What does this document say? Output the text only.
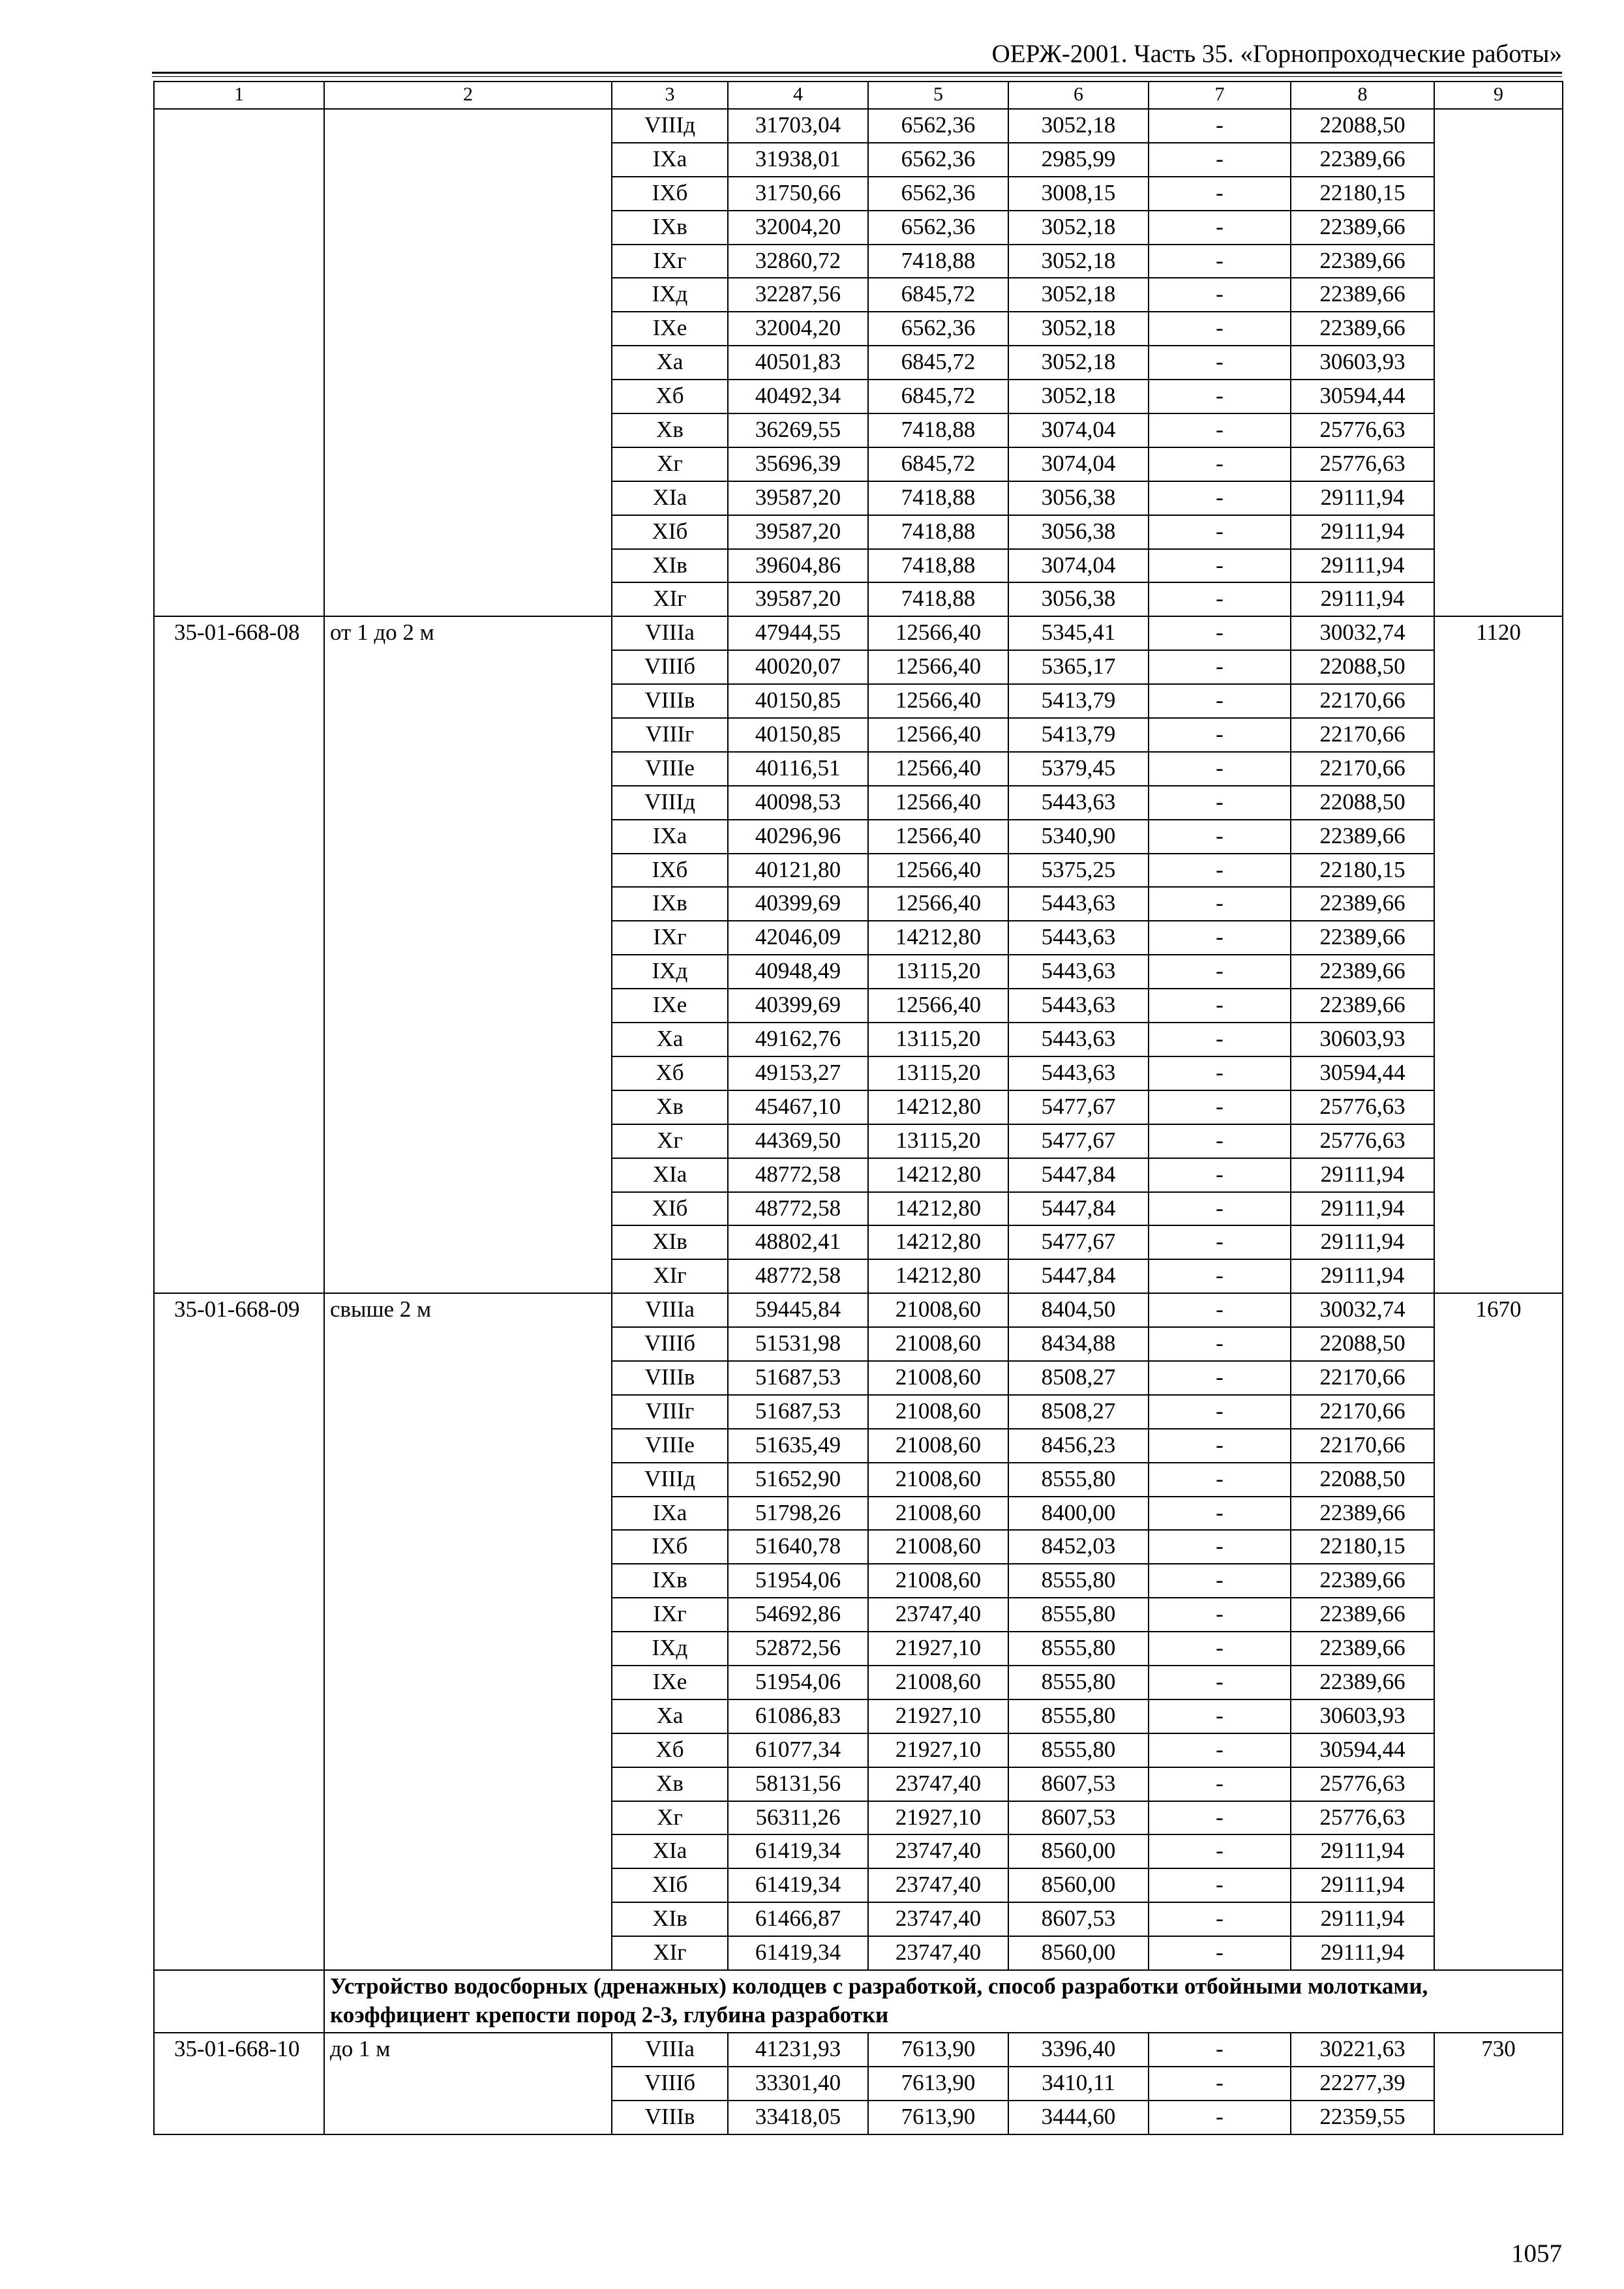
ОЕРЖ-2001. Часть 35. «Горнопроходческие работы»
1	2	3	4	5	6	7	8	9
		VIIIд	31703,04	6562,36	3052,18	-	22088,50	
		IXа	31938,01	6562,36	2985,99	-	22389,66	
		IXб	31750,66	6562,36	3008,15	-	22180,15	
		IXв	32004,20	6562,36	3052,18	-	22389,66	
		IXг	32860,72	7418,88	3052,18	-	22389,66	
		IXд	32287,56	6845,72	3052,18	-	22389,66	
		IXе	32004,20	6562,36	3052,18	-	22389,66	
		Xа	40501,83	6845,72	3052,18	-	30603,93	
		Xб	40492,34	6845,72	3052,18	-	30594,44	
		Xв	36269,55	7418,88	3074,04	-	25776,63	
		Xг	35696,39	6845,72	3074,04	-	25776,63	
		XIа	39587,20	7418,88	3056,38	-	29111,94	
		XIб	39587,20	7418,88	3056,38	-	29111,94	
		XIв	39604,86	7418,88	3074,04	-	29111,94	
		XIг	39587,20	7418,88	3056,38	-	29111,94	
35-01-668-08	от 1 до 2 м	VIIIа	47944,55	12566,40	5345,41	-	30032,74	1120
		VIIIб	40020,07	12566,40	5365,17	-	22088,50	
		VIIIв	40150,85	12566,40	5413,79	-	22170,66	
		VIIIг	40150,85	12566,40	5413,79	-	22170,66	
		VIIIе	40116,51	12566,40	5379,45	-	22170,66	
		VIIIд	40098,53	12566,40	5443,63	-	22088,50	
		IXа	40296,96	12566,40	5340,90	-	22389,66	
		IXб	40121,80	12566,40	5375,25	-	22180,15	
		IXв	40399,69	12566,40	5443,63	-	22389,66	
		IXг	42046,09	14212,80	5443,63	-	22389,66	
		IXд	40948,49	13115,20	5443,63	-	22389,66	
		IXе	40399,69	12566,40	5443,63	-	22389,66	
		Xа	49162,76	13115,20	5443,63	-	30603,93	
		Xб	49153,27	13115,20	5443,63	-	30594,44	
		Xв	45467,10	14212,80	5477,67	-	25776,63	
		Xг	44369,50	13115,20	5477,67	-	25776,63	
		XIа	48772,58	14212,80	5447,84	-	29111,94	
		XIб	48772,58	14212,80	5447,84	-	29111,94	
		XIв	48802,41	14212,80	5477,67	-	29111,94	
		XIг	48772,58	14212,80	5447,84	-	29111,94	
35-01-668-09	свыше 2 м	VIIIа	59445,84	21008,60	8404,50	-	30032,74	1670
		VIIIб	51531,98	21008,60	8434,88	-	22088,50	
		VIIIв	51687,53	21008,60	8508,27	-	22170,66	
		VIIIг	51687,53	21008,60	8508,27	-	22170,66	
		VIIIе	51635,49	21008,60	8456,23	-	22170,66	
		VIIIд	51652,90	21008,60	8555,80	-	22088,50	
		IXа	51798,26	21008,60	8400,00	-	22389,66	
		IXб	51640,78	21008,60	8452,03	-	22180,15	
		IXв	51954,06	21008,60	8555,80	-	22389,66	
		IXг	54692,86	23747,40	8555,80	-	22389,66	
		IXд	52872,56	21927,10	8555,80	-	22389,66	
		IXе	51954,06	21008,60	8555,80	-	22389,66	
		Xа	61086,83	21927,10	8555,80	-	30603,93	
		Xб	61077,34	21927,10	8555,80	-	30594,44	
		Xв	58131,56	23747,40	8607,53	-	25776,63	
		Xг	56311,26	21927,10	8607,53	-	25776,63	
		XIа	61419,34	23747,40	8560,00	-	29111,94	
		XIб	61419,34	23747,40	8560,00	-	29111,94	
		XIв	61466,87	23747,40	8607,53	-	29111,94	
		XIг	61419,34	23747,40	8560,00	-	29111,94	
	Устройство водосборных (дренажных) колодцев с разработкой, способ разработки отбойными молотками, коэффициент крепости пород 2-3, глубина разработки							
35-01-668-10	до 1 м	VIIIа	41231,93	7613,90	3396,40	-	30221,63	730
		VIIIб	33301,40	7613,90	3410,11	-	22277,39	
		VIIIв	33418,05	7613,90	3444,60	-	22359,55	
1057
